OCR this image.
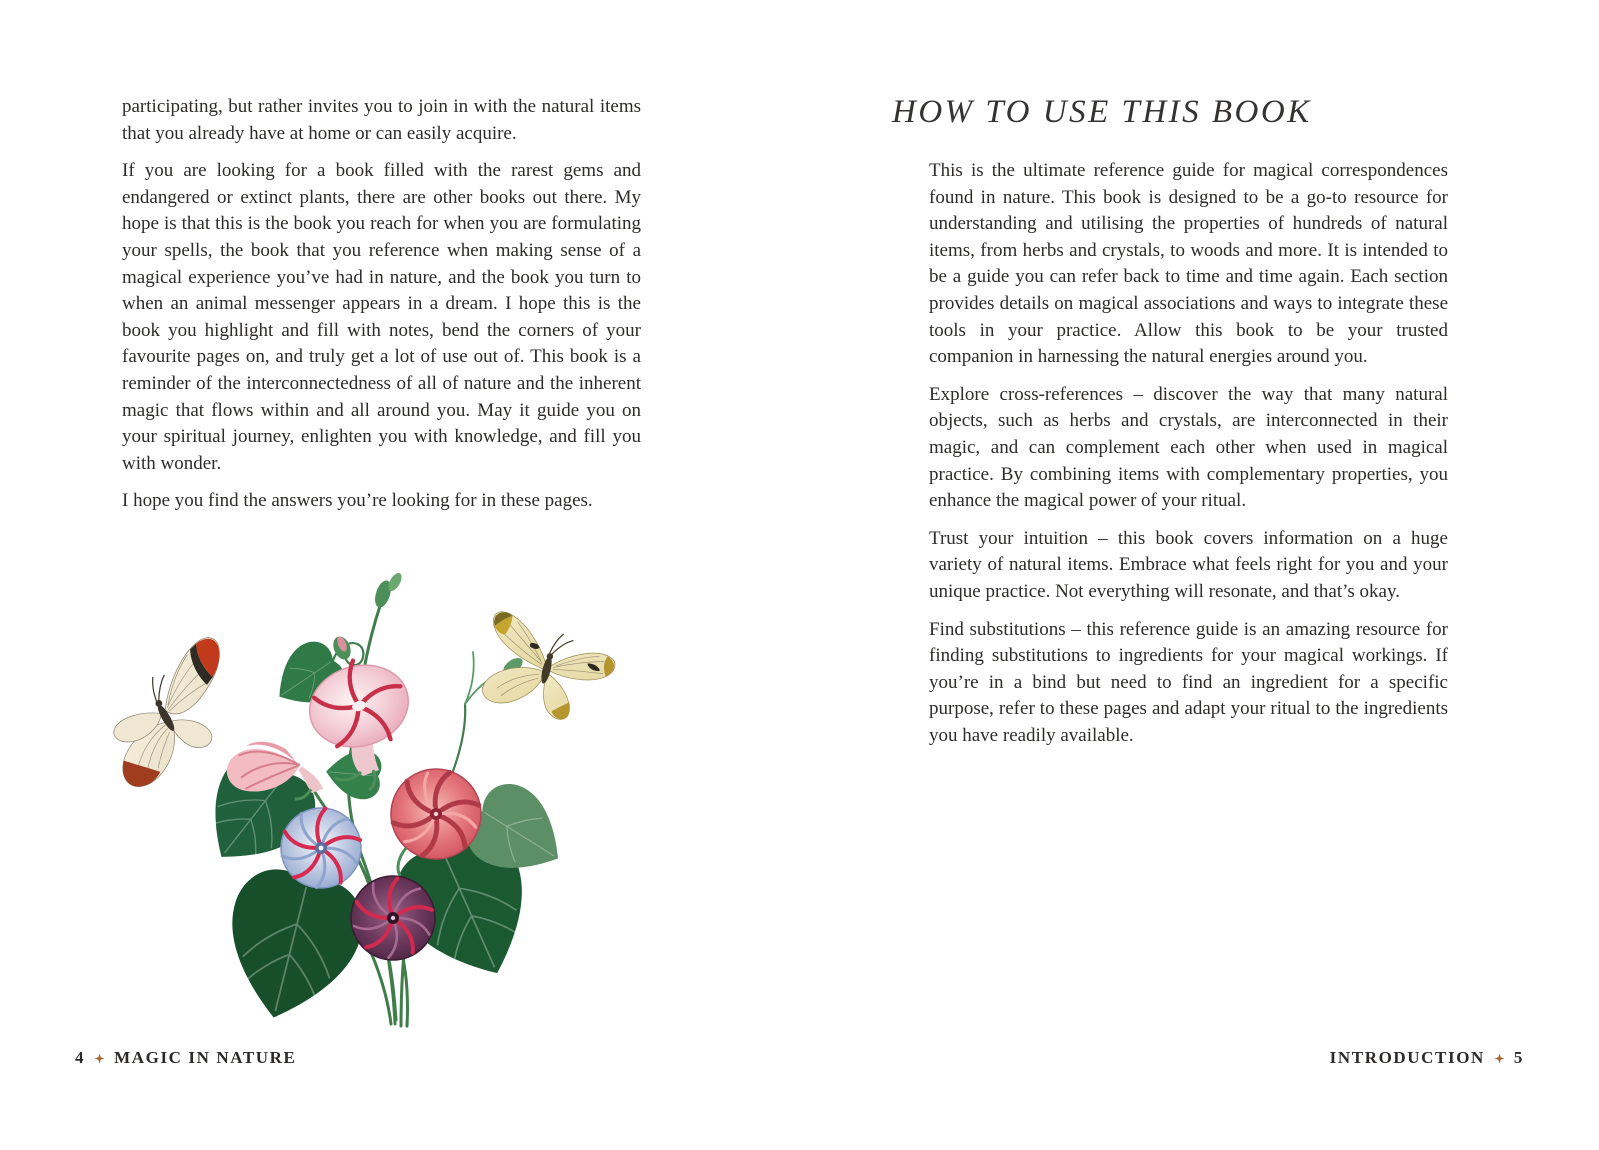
participating, but rather invites you to join in with the natural items that you already have at home or can easily acquire.

If you are looking for a book filled with the rarest gems and endangered or extinct plants, there are other books out there. My hope is that this is the book you reach for when you are formulating your spells, the book that you reference when making sense of a magical experience you’ve had in nature, and the book you turn to when an animal messenger appears in a dream. I hope this is the book you highlight and fill with notes, bend the corners of your favourite pages on, and truly get a lot of use out of. This book is a reminder of the interconnectedness of all of nature and the inherent magic that flows within and all around you. May it guide you on your spiritual journey, enlighten you with knowledge, and fill you with wonder.

I hope you find the answers you’re looking for in these pages.

HOW TO USE THIS BOOK

This is the ultimate reference guide for magical correspondences found in nature. This book is designed to be a go-to resource for understanding and utilising the properties of hundreds of natural items, from herbs and crystals, to woods and more. It is intended to be a guide you can refer back to time and time again. Each section provides details on magical associations and ways to integrate these tools in your practice. Allow this book to be your trusted companion in harnessing the natural energies around you.

Explore cross-references – discover the way that many natural objects, such as herbs and crystals, are interconnected in their magic, and can complement each other when used in magical practice. By combining items with complementary properties, you enhance the magical power of your ritual.

Trust your intuition – this book covers information on a huge variety of natural items. Embrace what feels right for you and your unique practice. Not everything will resonate, and that’s okay.

Find substitutions – this reference guide is an amazing resource for finding substitutions to ingredients for your magical workings. If you’re in a bind but need to find an ingredient for a specific purpose, refer to these pages and adapt your ritual to the ingredients you have readily available.

4 MAGIC IN NATURE	INTRODUCTION 5
